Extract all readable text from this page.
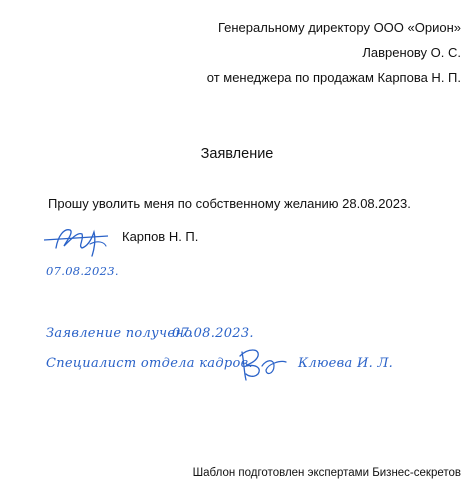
Генеральному директору ООО «Орион»
Лавренову О. С.
от менеджера по продажам Карпова Н. П.
Заявление
Прошу уволить меня по собственному желанию 28.08.2023.
Карпов Н. П.
07.08.2023.
Заявление получено
07.08.2023.
Специалист отдела кадров.	Клюева И. Л.
Шаблон подготовлен экспертами Бизнес-секретов
